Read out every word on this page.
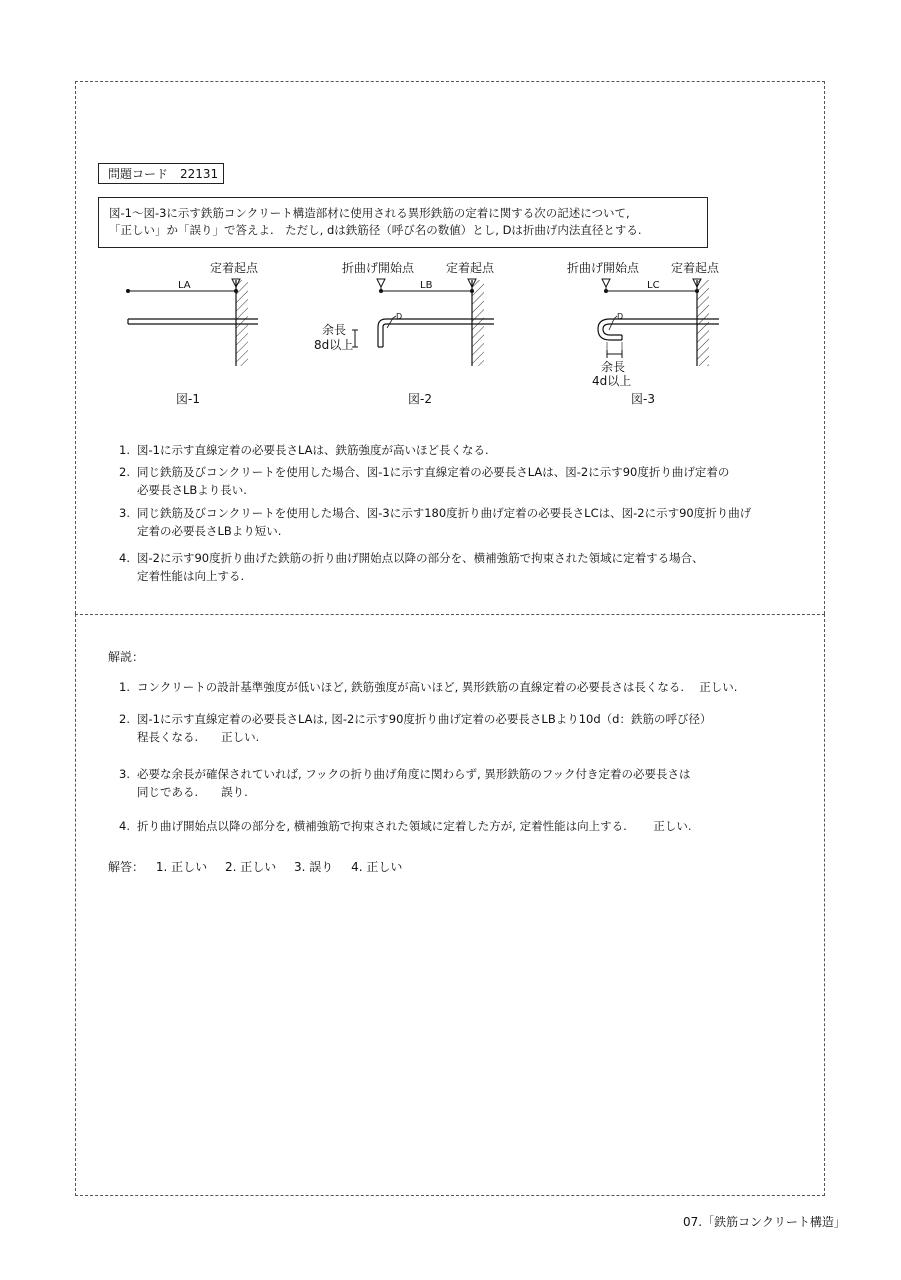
問題コード　22131
図-1〜図-3に示す鉄筋コンクリート構造部材に使用される異形鉄筋の定着に関する次の記述について,
「正しい」か「誤り」で答えよ.　ただし, dは鉄筋径（呼び名の数値）とし, Dは折曲げ内法直径とする.
LA
定着起点
図-1
D
余長
8d以上
LB
折曲げ開始点	定着起点
図-2
D
余長
4d以上
LC
折曲げ開始点	定着起点
図-3
1. 図-1に示す直線定着の必要長さLAは、鉄筋強度が高いほど長くなる.
2. 同じ鉄筋及びコンクリートを使用した場合、図-1に示す直線定着の必要長さLAは、図-2に示す90度折り曲げ定着の
必要長さLBより長い.
3. 同じ鉄筋及びコンクリートを使用した場合、図-3に示す180度折り曲げ定着の必要長さLCは、図-2に示す90度折り曲げ
定着の必要長さLBより短い.
4. 図-2に示す90度折り曲げた鉄筋の折り曲げ開始点以降の部分を、横補強筋で拘束された領域に定着する場合、
定着性能は向上する.
解説：
1. コンクリートの設計基準強度が低いほど, 鉄筋強度が高いほど, 異形鉄筋の直線定着の必要長さは長くなる.　 正しい.
2. 図-1に示す直線定着の必要長さLAは, 図-2に示す90度折り曲げ定着の必要長さLBより10d（d：鉄筋の呼び径）
程長くなる.　　正しい.
3. 必要な余長が確保されていれば, フックの折り曲げ角度に関わらず, 異形鉄筋のフック付き定着の必要長さは
同じである.　　誤り.
4. 折り曲げ開始点以降の部分を, 横補強筋で拘束された領域に定着した方が, 定着性能は向上する.　　 正しい.
解答： 1. 正しい 2. 正しい 3. 誤り 4. 正しい
07.「鉄筋コンクリート構造」
